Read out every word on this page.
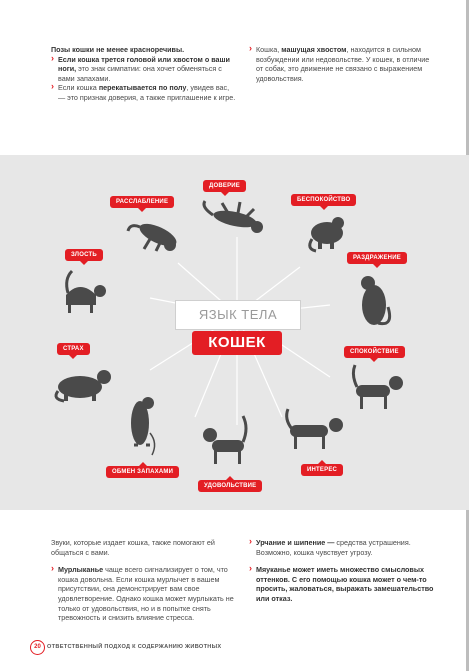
Позы кошки не менее красноречивы.

› Если кошка трется головой или хвостом о ваши ноги, это знак симпатии: она хочет обменяться с вами запахами.

› Если кошка перекатывается по полу, увидев вас, — это признак доверия, а также приглашение к игре.

› Кошка, машущая хвостом, находится в сильном возбуждении или недовольстве. У кошек, в отличие от собак, это движение не связано с выражением удовольствия.

ДОВЕРИЕ
РАССЛАБЛЕНИЕ	БЕСПОКОЙСТВО
ЗЛОСТЬ	РАЗДРАЖЕНИЕ
СТРАХ	СПОКОЙСТВИЕ
ОБМЕН ЗАПАХАМИ
УДОВОЛЬСТВИЕ
ИНТЕРЕС
ЯЗЫК ТЕЛА
КОШЕК

Звуки, которые издает кошка, также помогают ей общаться с вами.

› Мурлыканье чаще всего сигнализирует о том, что кошка довольна. Если кошка мурлычет в вашем присутствии, она демонстрирует вам свое удовлетворение. Однако кошка может мурлыкать не только от удовольствия, но и в попытке снять тревожность и снизить влияние стресса.

› Урчание и шипение — средства устрашения. Возможно, кошка чувствует угрозу.

› Мяуканье может иметь множество смысловых оттенков. С его помощью кошка может о чем-то просить, жаловаться, выражать замешательство или отказ.

20	ОТВЕТСТВЕННЫЙ ПОДХОД К СОДЕРЖАНИЮ ЖИВОТНЫХ
